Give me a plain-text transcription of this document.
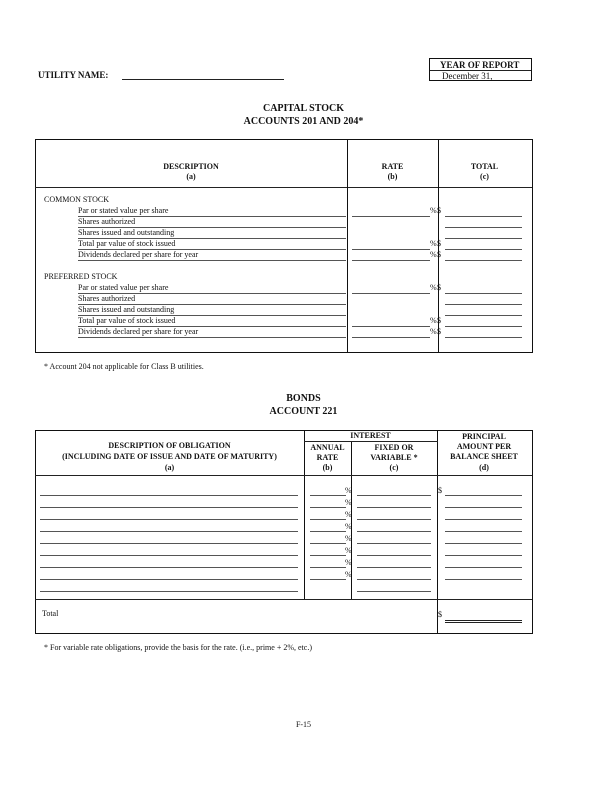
UTILITY NAME:
YEAR OF REPORT
December 31,
CAPITAL STOCK
ACCOUNTS 201 AND 204*
DESCRIPTION
(a)
RATE
(b)
TOTAL
(c)
COMMON STOCK
Par or stated value per share	% $
Shares authorized
Shares issued and outstanding
Total par value of stock issued	% $
Dividends declared per share for year	% $
PREFERRED STOCK
Par or stated value per share	% $
Shares authorized
Shares issued and outstanding
Total par value of stock issued	% $
Dividends declared per share for year	% $
* Account 204 not applicable for Class B utilities.
BONDS
ACCOUNT 221
INTEREST
DESCRIPTION OF OBLIGATION
(INCLUDING DATE OF ISSUE AND DATE OF MATURITY)
(a)
ANNUAL
RATE
(b)
FIXED OR
VARIABLE *
(c)
PRINCIPAL
AMOUNT PER
BALANCE SHEET
(d)
%	$
%
%
%
%
%
%
%
Total	$
* For variable rate obligations, provide the basis for the rate. (i.e., prime + 2%, etc.)
F-15
